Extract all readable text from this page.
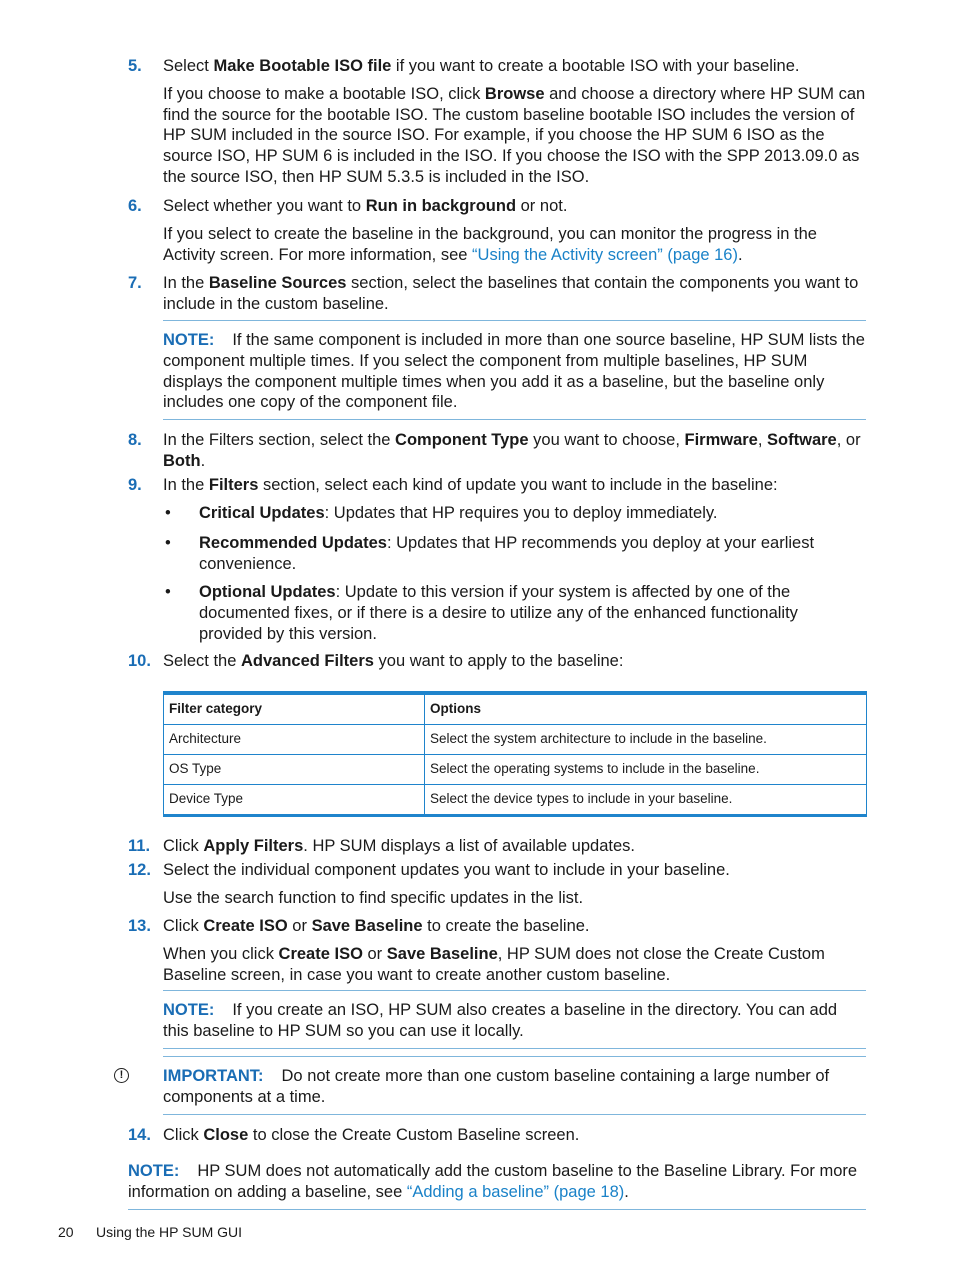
5. Select Make Bootable ISO file if you want to create a bootable ISO with your baseline.

If you choose to make a bootable ISO, click Browse and choose a directory where HP SUM can find the source for the bootable ISO. The custom baseline bootable ISO includes the version of HP SUM included in the source ISO. For example, if you choose the HP SUM 6 ISO as the source ISO, HP SUM 6 is included in the ISO. If you choose the ISO with the SPP 2013.09.0 as the source ISO, then HP SUM 5.3.5 is included in the ISO.

6. Select whether you want to Run in background or not.

If you select to create the baseline in the background, you can monitor the progress in the Activity screen. For more information, see “Using the Activity screen” (page 16).

7. In the Baseline Sources section, select the baselines that contain the components you want to include in the custom baseline.

NOTE: If the same component is included in more than one source baseline, HP SUM lists the component multiple times. If you select the component from multiple baselines, HP SUM displays the component multiple times when you add it as a baseline, but the baseline only includes one copy of the component file.

8. In the Filters section, select the Component Type you want to choose, Firmware, Software, or Both.

9. In the Filters section, select each kind of update you want to include in the baseline:

• Critical Updates: Updates that HP requires you to deploy immediately.
• Recommended Updates: Updates that HP recommends you deploy at your earliest convenience.
• Optional Updates: Update to this version if your system is affected by one of the documented fixes, or if there is a desire to utilize any of the enhanced functionality provided by this version.
10. Select the Advanced Filters you want to apply to the baseline:

Filter category	Options
Architecture	Select the system architecture to include in the baseline.
OS Type	Select the operating systems to include in the baseline.
Device Type	Select the device types to include in your baseline.
11. Click Apply Filters. HP SUM displays a list of available updates.

12. Select the individual component updates you want to include in your baseline.

Use the search function to find specific updates in the list.

13. Click Create ISO or Save Baseline to create the baseline.

When you click Create ISO or Save Baseline, HP SUM does not close the Create Custom Baseline screen, in case you want to create another custom baseline.

NOTE: If you create an ISO, HP SUM also creates a baseline in the directory. You can add this baseline to HP SUM so you can use it locally.

!	IMPORTANT: Do not create more than one custom baseline containing a large number of components at a time.

14. Click Close to close the Create Custom Baseline screen.

NOTE: HP SUM does not automatically add the custom baseline to the Baseline Library. For more information on adding a baseline, see “Adding a baseline” (page 18).

20 Using the HP SUM GUI
